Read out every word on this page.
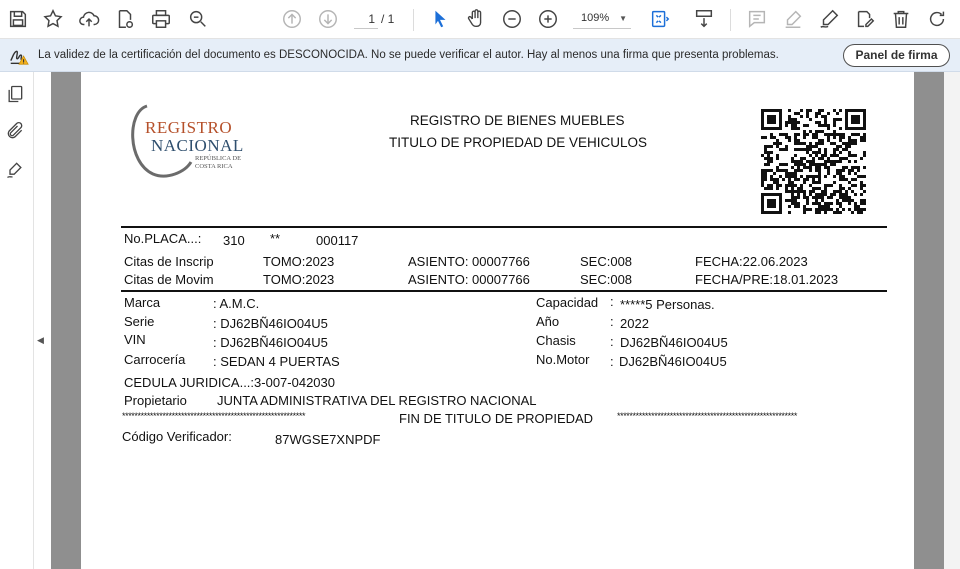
1
/ 1	109% ▼
La validez de la certificación del documento es DESCONOCIDA. No se puede verificar el autor. Hay al menos una firma que presenta problemas.	Panel de firma
◀
REGISTRO
NACIONAL
REPÚBLICA DE
COSTA RICA
REGISTRO DE BIENES MUEBLES
TITULO DE PROPIEDAD DE VEHICULOS
No.PLACA...: 310 **	000117
Citas de Inscrip	TOMO:2023	ASIENTO: 00007766	SEC:008	FECHA:22.06.2023
Citas de Movim	TOMO:2023	ASIENTO: 00007766	SEC:008	FECHA/PRE:18.01.2023
Marca	: A.M.C.
Serie	: DJ62BÑ46IO04U5
VIN	: DJ62BÑ46IO04U5
Carrocería : SEDAN 4 PUERTAS
Capacidad : *****5 Personas.
Año	: 2022
Chasis	: DJ62BÑ46IO04U5
No.Motor : DJ62BÑ46IO04U5
CEDULA JURIDICA...:3-007-042030
Propietario JUNTA ADMINISTRATIVA DEL REGISTRO NACIONAL
***********************************************************	FIN DE TITULO DE PROPIEDAD	**********************************************************
Código Verificador:	87WGSE7XNPDF
